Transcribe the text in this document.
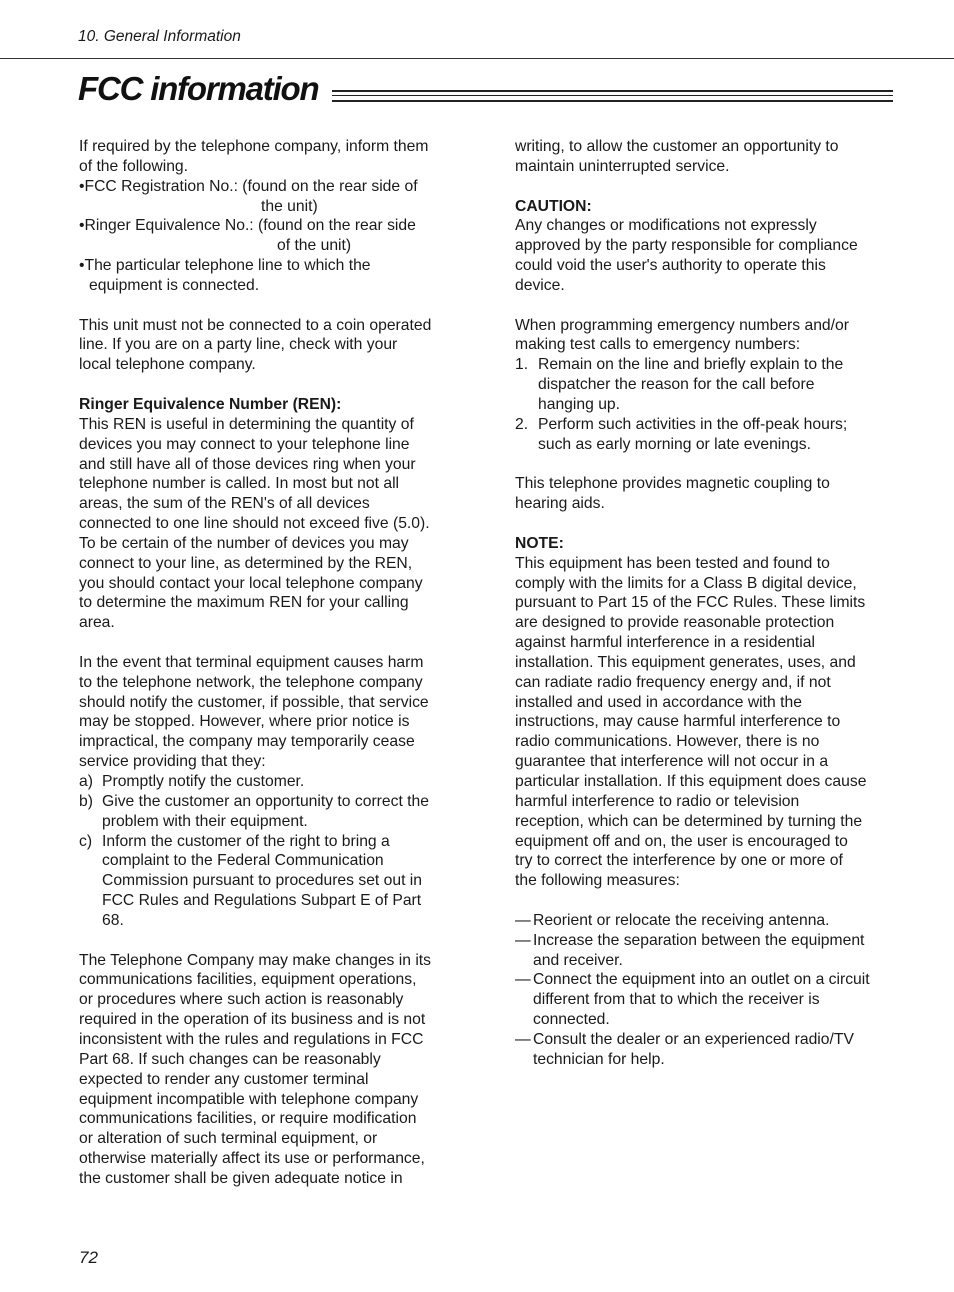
10. General Information
FCC information

If required by the telephone company, inform them

of the following.

•FCC Registration No.: (found on the rear side of

the unit)

•Ringer Equivalence No.: (found on the rear side

of the unit)

•The particular telephone line to which the

equipment is connected.

This unit must not be connected to a coin operated

line. If you are on a party line, check with your

local telephone company.

Ringer Equivalence Number (REN):

This REN is useful in determining the quantity of

devices you may connect to your telephone line

and still have all of those devices ring when your

telephone number is called. In most but not all

areas, the sum of the REN's of all devices

connected to one line should not exceed five (5.0).

To be certain of the number of devices you may

connect to your line, as determined by the REN,

you should contact your local telephone company

to determine the maximum REN for your calling

area.

In the event that terminal equipment causes harm

to the telephone network, the telephone company

should notify the customer, if possible, that service

may be stopped. However, where prior notice is

impractical, the company may temporarily cease

service providing that they:

a) Promptly notify the customer.

b) Give the customer an opportunity to correct the

problem with their equipment.

c) Inform the customer of the right to bring a

complaint to the Federal Communication

Commission pursuant to procedures set out in

FCC Rules and Regulations Subpart E of Part

68.

The Telephone Company may make changes in its

communications facilities, equipment operations,

or procedures where such action is reasonably

required in the operation of its business and is not

inconsistent with the rules and regulations in FCC

Part 68. If such changes can be reasonably

expected to render any customer terminal

equipment incompatible with telephone company

communications facilities, or require modification

or alteration of such terminal equipment, or

otherwise materially affect its use or performance,

the customer shall be given adequate notice in

writing, to allow the customer an opportunity to

maintain uninterrupted service.

CAUTION:

Any changes or modifications not expressly

approved by the party responsible for compliance

could void the user's authority to operate this

device.

When programming emergency numbers and/or

making test calls to emergency numbers:

1. Remain on the line and briefly explain to the

dispatcher the reason for the call before

hanging up.

2. Perform such activities in the off-peak hours;

such as early morning or late evenings.

This telephone provides magnetic coupling to

hearing aids.

NOTE:

This equipment has been tested and found to

comply with the limits for a Class B digital device,

pursuant to Part 15 of the FCC Rules. These limits

are designed to provide reasonable protection

against harmful interference in a residential

installation. This equipment generates, uses, and

can radiate radio frequency energy and, if not

installed and used in accordance with the

instructions, may cause harmful interference to

radio communications. However, there is no

guarantee that interference will not occur in a

particular installation. If this equipment does cause

harmful interference to radio or television

reception, which can be determined by turning the

equipment off and on, the user is encouraged to

try to correct the interference by one or more of

the following measures:

— Reorient or relocate the receiving antenna.

— Increase the separation between the equipment

and receiver.

— Connect the equipment into an outlet on a circuit

different from that to which the receiver is

connected.

— Consult the dealer or an experienced radio/TV

technician for help.

72
